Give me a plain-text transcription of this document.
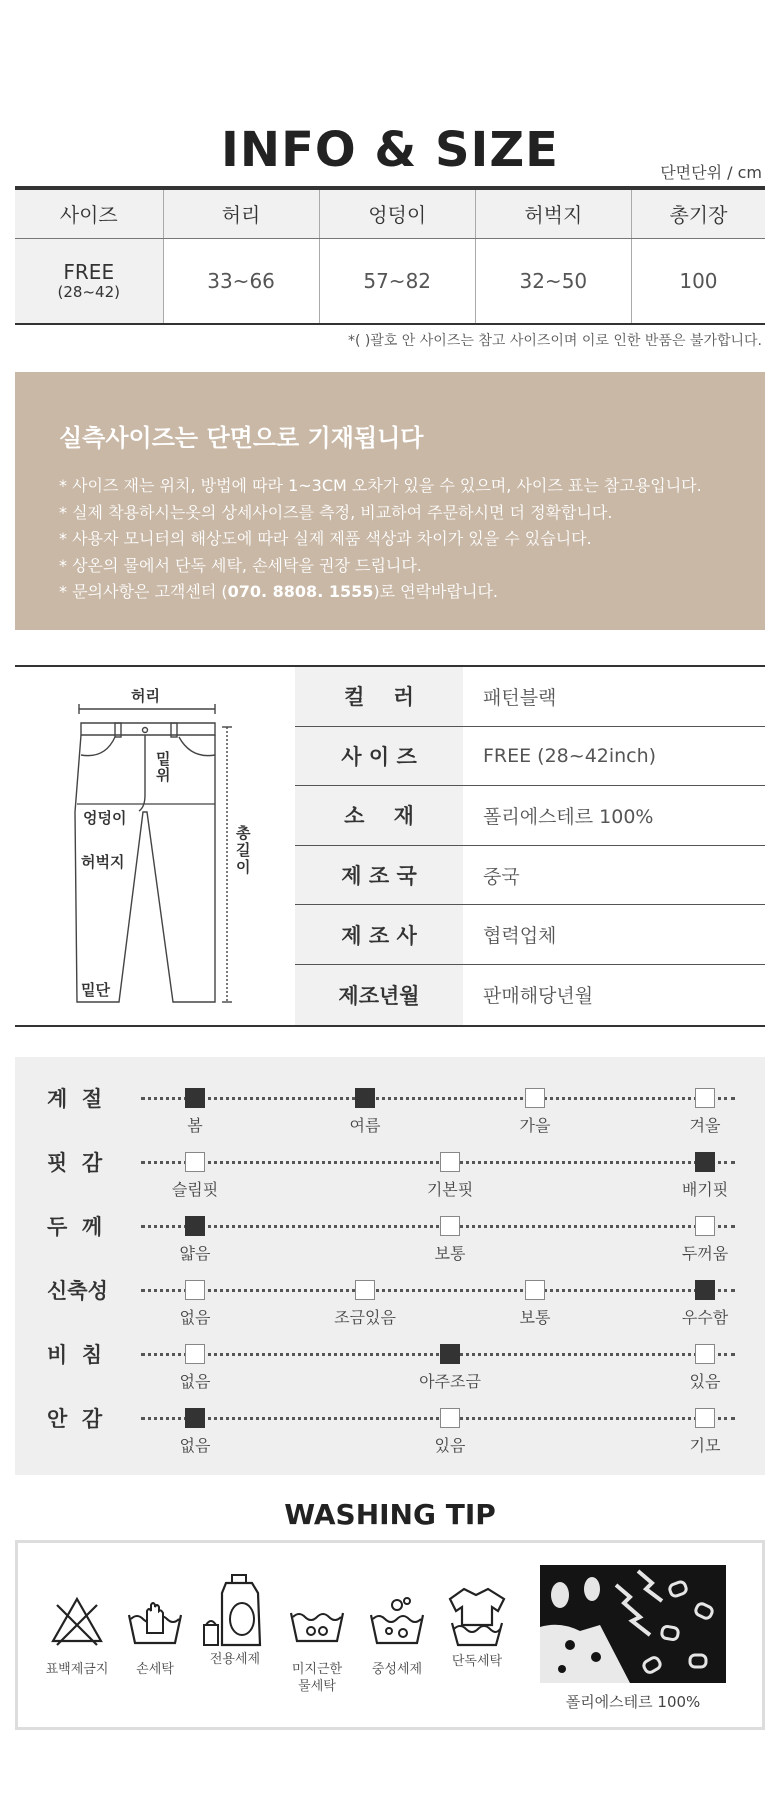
INFO & SIZE	단면단위 / cm
사이즈	허리	엉덩이	허벅지	총기장
FREE
(28~42)	33~66	57~82	32~50	100
*( )괄호 안 사이즈는 참고 사이즈이며 이로 인한 반품은 불가합니다.
실측사이즈는 단면으로 기재됩니다

* 사이즈 재는 위치, 방법에 따라 1~3CM 오차가 있을 수 있으며, 사이즈 표는 참고용입니다.

* 실제 착용하시는옷의 상세사이즈를 측정, 비교하여 주문하시면 더 정확합니다.

* 사용자 모니터의 해상도에 따라 실제 제품 색상과 차이가 있을 수 있습니다.

* 상온의 물에서 단독 세탁, 손세탁을 권장 드립니다.

* 문의사항은 고객센터 (070. 8808. 1555)로 연락바랍니다.

허리
밑위
엉덩이
허벅지
총길이
밑단
컬    러	패턴블랙
사 이 즈	FREE (28~42inch)
소    재	폴리에스테르 100%
제 조 국	중국
제 조 사	협력업체
제조년월	판매해당년월
계  절
봄	여름	가을	겨울
핏  감
슬림핏	기본핏	배기핏
두  께
얇음	보통	두꺼움
신축성
없음	조금있음	보통	우수함
비  침
없음	아주조금	있음
안  감
없음	있음	기모
WASHING TIP
표백제금지	손세탁
전용세제
미지근한 물세탁
중성세제
단독세탁
폴리에스테르 100%
